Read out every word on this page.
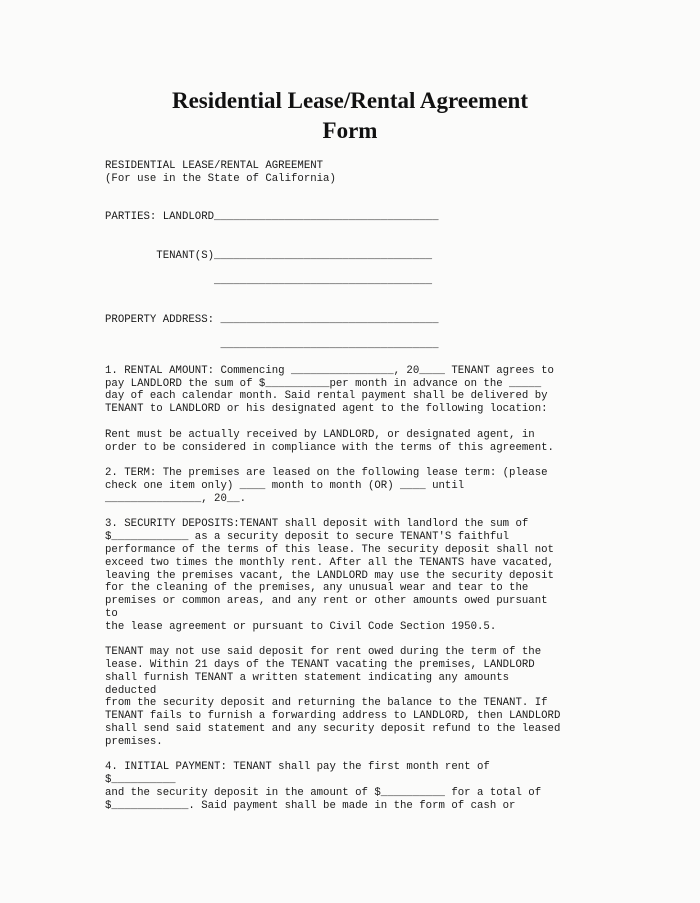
Residential Lease/Rental Agreement
Form
RESIDENTIAL LEASE/RENTAL AGREEMENT
(For use in the State of California)
PARTIES: LANDLORD___________________________________
TENANT(S)__________________________________
__________________________________
PROPERTY ADDRESS: __________________________________
__________________________________
1. RENTAL AMOUNT: Commencing ________________, 20____ TENANT agrees to
pay LANDLORD the sum of $__________per month in advance on the _____
day of each calendar month. Said rental payment shall be delivered by
TENANT to LANDLORD or his designated agent to the following location:
Rent must be actually received by LANDLORD, or designated agent, in
order to be considered in compliance with the terms of this agreement.
2. TERM: The premises are leased on the following lease term: (please
check one item only) ____ month to month (OR) ____ until
_______________, 20__.
3. SECURITY DEPOSITS:TENANT shall deposit with landlord the sum of
$____________ as a security deposit to secure TENANT'S faithful
performance of the terms of this lease. The security deposit shall not
exceed two times the monthly rent. After all the TENANTS have vacated,
leaving the premises vacant, the LANDLORD may use the security deposit
for the cleaning of the premises, any unusual wear and tear to the
premises or common areas, and any rent or other amounts owed pursuant
to
the lease agreement or pursuant to Civil Code Section 1950.5.
TENANT may not use said deposit for rent owed during the term of the
lease. Within 21 days of the TENANT vacating the premises, LANDLORD
shall furnish TENANT a written statement indicating any amounts
deducted
from the security deposit and returning the balance to the TENANT. If
TENANT fails to furnish a forwarding address to LANDLORD, then LANDLORD
shall send said statement and any security deposit refund to the leased
premises.
4. INITIAL PAYMENT: TENANT shall pay the first month rent of
$__________
and the security deposit in the amount of $__________ for a total of
$____________. Said payment shall be made in the form of cash or
